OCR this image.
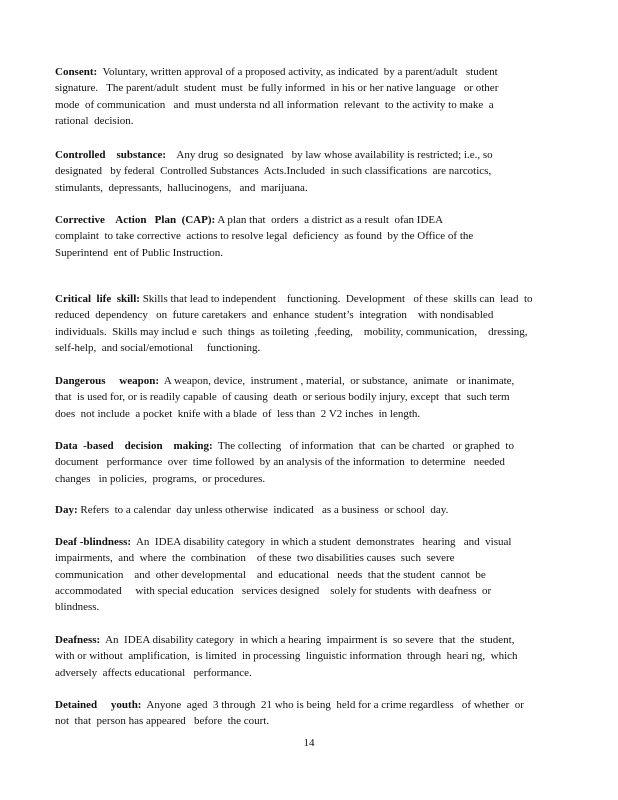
Consent:  Voluntary, written approval of a proposed activity, as indicated  by a parent/adult   student
signature.   The parent/adult  student  must  be fully informed  in his or her native language   or other
mode  of communication   and  must understa nd all information  relevant  to the activity to make  a
rational  decision.

Controlled    substance:    Any drug  so designated   by law whose availability is restricted; i.e., so
designated   by federal  Controlled Substances  Acts.Included  in such classifications  are narcotics,
stimulants,  depressants,  hallucinogens,   and  marijuana.

Corrective    Action   Plan  (CAP): A plan that  orders  a district as a result  ofan IDEA
complaint  to take corrective  actions to resolve legal  deficiency  as found  by the Office of the
Superintend  ent of Public Instruction.

Critical  life  skill: Skills that lead to independent    functioning.  Development   of these  skills can  lead  to
reduced  dependency   on  future caretakers  and  enhance  student’s  integration    with nondisabled
individuals.  Skills may includ e  such  things  as toileting  ,feeding,    mobility, communication,    dressing,
self-help,  and social/emotional     functioning.

Dangerous     weapon:  A weapon, device,  instrument , material,  or substance,  animate   or inanimate,
that  is used for, or is readily capable  of causing  death  or serious bodily injury, except  that  such term
does  not include  a pocket  knife with a blade  of  less than  2 V2 inches  in length.

Data  -based    decision    making:  The collecting   of information  that  can be charted   or graphed  to
document   performance  over  time followed  by an analysis of the information  to determine   needed
changes   in policies,  programs,  or procedures.

Day: Refers  to a calendar  day unless otherwise  indicated   as a business  or school  day.

Deaf -blindness:  An  IDEA disability category  in which a student  demonstrates   hearing   and  visual
impairments,  and  where  the  combination    of these  two disabilities causes  such  severe
communication    and  other developmental    and  educational   needs  that the student  cannot  be
accommodated     with special education   services designed    solely for students  with deafness  or
blindness.

Deafness:  An  IDEA disability category  in which a hearing  impairment is  so severe  that  the  student,
with or without  amplification,  is limited  in processing  linguistic information  through  heari ng,  which
adversely  affects educational   performance.

Detained     youth:  Anyone  aged  3 through  21 who is being  held for a crime regardless   of whether  or
not  that  person has appeared   before  the court.

14
